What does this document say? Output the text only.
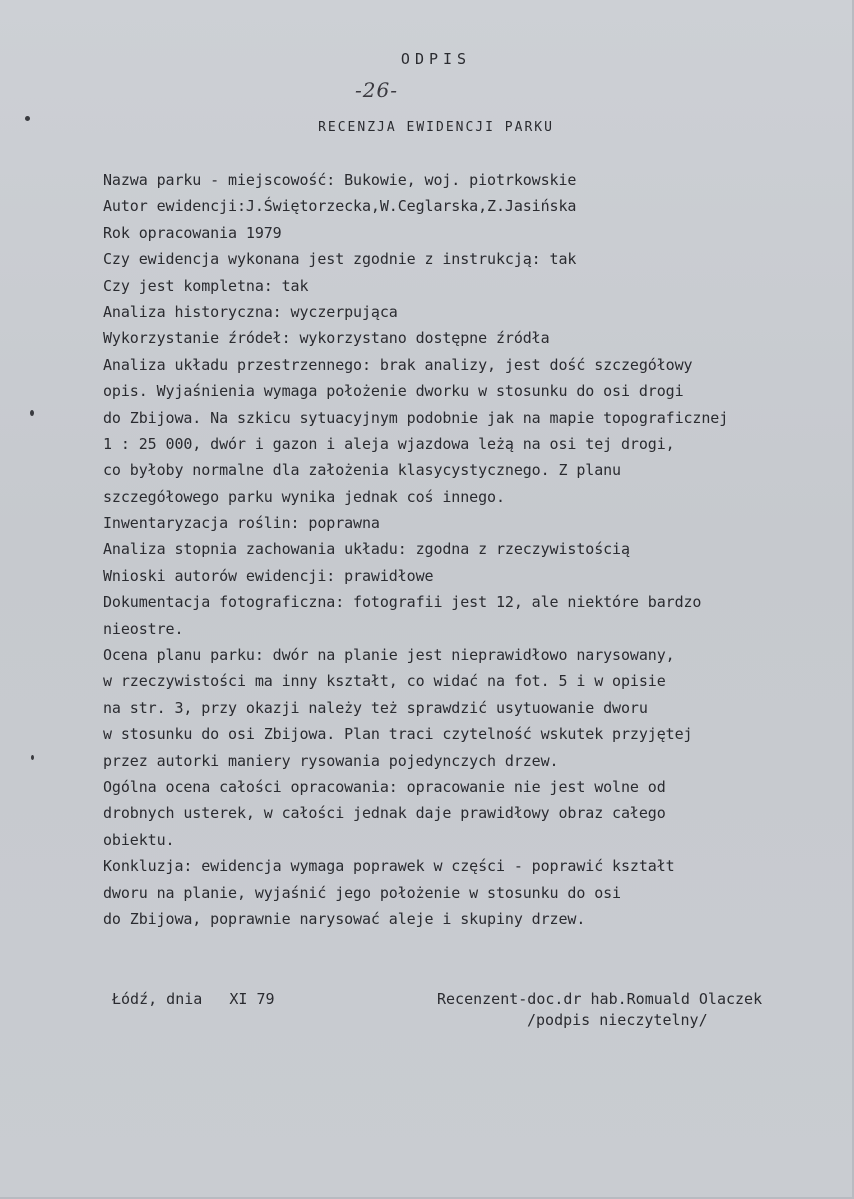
ODPIS
-26-
RECENZJA EWIDENCJI PARKU
Nazwa parku - miejscowość: Bukowie, woj. piotrkowskie
Autor ewidencji:J.Świętorzecka,W.Ceglarska,Z.Jasińska
Rok opracowania 1979
Czy ewidencja wykonana jest zgodnie z instrukcją: tak
Czy jest kompletna: tak
Analiza historyczna: wyczerpująca
Wykorzystanie źródeł: wykorzystano dostępne źródła
Analiza układu przestrzennego: brak analizy, jest dość szczegółowy
opis. Wyjaśnienia wymaga położenie dworku w stosunku do osi drogi
do Zbijowa. Na szkicu sytuacyjnym podobnie jak na mapie topograficznej
1 : 25 000, dwór i gazon i aleja wjazdowa leżą na osi tej drogi,
co byłoby normalne dla założenia klasycystycznego. Z planu
szczegółowego parku wynika jednak coś innego.
Inwentaryzacja roślin: poprawna
Analiza stopnia zachowania układu: zgodna z rzeczywistością
Wnioski autorów ewidencji: prawidłowe
Dokumentacja fotograficzna: fotografii jest 12, ale niektóre bardzo
nieostre.
Ocena planu parku: dwór na planie jest nieprawidłowo narysowany,
w rzeczywistości ma inny kształt, co widać na fot. 5 i w opisie
na str. 3, przy okazji należy też sprawdzić usytuowanie dworu
w stosunku do osi Zbijowa. Plan traci czytelność wskutek przyjętej
przez autorki maniery rysowania pojedynczych drzew.
Ogólna ocena całości opracowania: opracowanie nie jest wolne od
drobnych usterek, w całości jednak daje prawidłowy obraz całego
obiektu.
Konkluzja: ewidencja wymaga poprawek w części - poprawić kształt
dworu na planie, wyjaśnić jego położenie w stosunku do osi
do Zbijowa, poprawnie narysować aleje i skupiny drzew.
Łódź, dnia   XI 79	Recenzent-doc.dr hab.Romuald Olaczek
/podpis nieczytelny/
